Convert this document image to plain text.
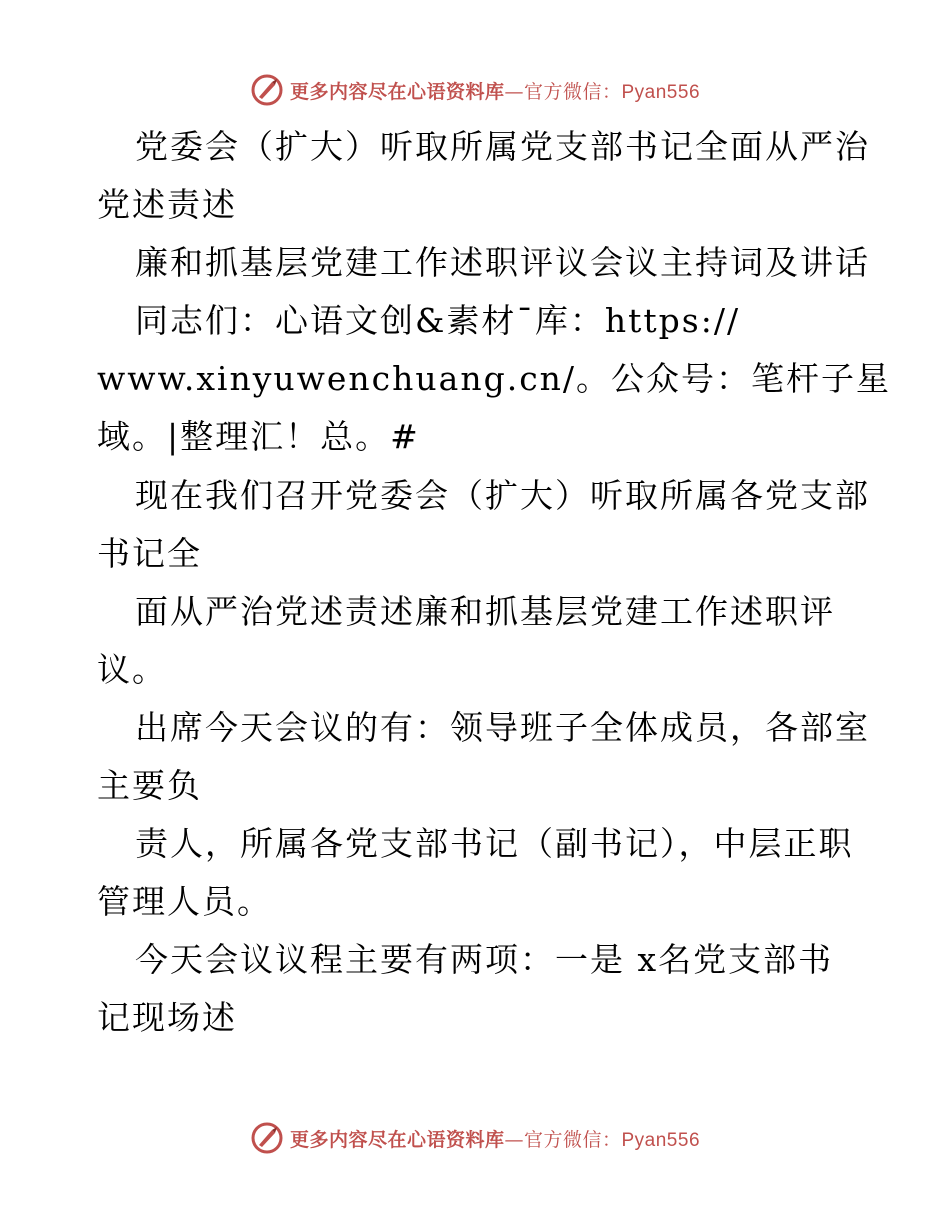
更多内容尽在心语资料库—官方微信：Pyan556
党委会（扩大）听取所属党支部书记全面从严治
党述责述
廉和抓基层党建工作述职评议会议主持词及讲话
同志们：心语文创&素材¯库：https://
www.xinyuwenchuang.cn/。公众号：笔杆子星
域。|整理汇！总。#
现在我们召开党委会（扩大）听取所属各党支部
书记全
面从严治党述责述廉和抓基层党建工作述职评
议。
出席今天会议的有：领导班子全体成员，各部室
主要负
责人，所属各党支部书记（副书记），中层正职
管理人员。
今天会议议程主要有两项：一是 x名党支部书
记现场述
更多内容尽在心语资料库—官方微信：Pyan556
